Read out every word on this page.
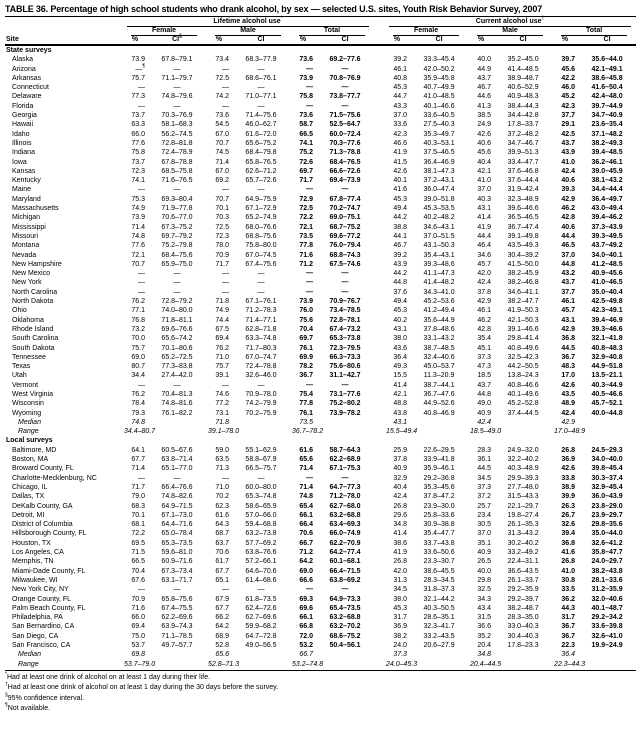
TABLE 36. Percentage of high school students who drank alcohol, by sex — selected U.S. sites, Youth Risk Behavior Survey, 2007

	Lifetime alcohol use*							Current alcohol use†

	Female		Male		Total			Female		Male		Total	

Site	%	CI§	%	CI	%	CI		%	CI	%	CI	%	CI
State surveys													
Alaska	73.9	67.8–79.1	73.4	68.3–77.9	73.6	69.2–77.6		39.2	33.3–45.4	40.0	35.2–45.0	39.7	35.6–44.0
Arizona	—¶	—	—	—	—	—		46.1	42.0–50.2	44.9	41.4–48.5	45.6	42.1–49.1
Arkansas	75.7	71.1–79.7	72.5	68.6–76.1	73.9	70.8–76.9		40.8	35.9–45.8	43.7	38.9–48.7	42.2	38.6–45.8
Connecticut	—	—	—	—	—	—		45.3	40.7–49.9	46.7	40.6–52.9	46.0	41.6–50.4
Delaware	77.3	74.8–79.6	74.2	71.0–77.1	75.8	73.8–77.7		44.7	41.0–48.5	44.6	40.9–48.3	45.2	42.4–48.0
Florida	—	—	—	—	—	—		43.3	40.1–46.6	41.3	38.4–44.3	42.3	39.7–44.9
Georgia	73.7	70.3–76.9	73.6	71.4–75.6	73.6	71.5–75.6		37.0	33.6–40.5	38.5	34.4–42.8	37.7	34.7–40.9
Hawaii	63.3	58.1–68.3	54.5	46.0–62.7	58.7	52.5–64.7		33.6	27.5–40.3	24.9	17.8–33.7	29.1	23.6–35.4
Idaho	66.0	56.2–74.5	67.0	61.6–72.0	66.5	60.0–72.4		42.3	35.3–49.7	42.6	37.2–48.2	42.5	37.1–48.2
Illinois	77.6	72.8–81.8	70.7	65.6–75.2	74.1	70.3–77.6		46.6	40.3–53.1	40.6	34.7–46.7	43.7	38.2–49.3
Indiana	75.8	72.4–78.9	74.5	68.4–79.8	75.2	71.3–78.8		41.9	37.5–46.5	45.6	39.9–51.3	43.9	39.4–48.5
Iowa	73.7	67.8–78.8	71.4	65.8–76.5	72.6	68.4–76.5		41.5	36.4–46.9	40.4	33.4–47.7	41.0	36.2–46.1
Kansas	72.3	68.5–75.8	67.0	62.6–71.2	69.7	66.6–72.6		42.6	38.1–47.3	42.1	37.6–46.8	42.4	39.0–45.9
Kentucky	74.1	71.6–76.5	69.2	65.7–72.6	71.7	69.4–73.9		40.1	37.2–43.1	41.0	37.6–44.4	40.6	38.1–43.2
Maine	—	—	—	—	—	—		41.6	36.0–47.4	37.0	31.9–42.4	39.3	34.4–44.4
Maryland	75.3	69.3–80.4	70.7	64.9–75.9	72.9	67.8–77.4		45.3	39.0–51.8	40.3	32.3–48.9	42.9	36.4–49.7
Massachusetts	74.9	71.9–77.8	70.1	67.1–72.9	72.5	70.2–74.7		49.4	45.3–53.5	43.1	39.6–46.6	46.2	43.0–49.4
Michigan	73.9	70.6–77.0	70.3	65.2–74.9	72.2	69.0–75.1		44.2	40.2–48.2	41.4	36.5–46.5	42.8	39.4–46.2
Mississippi	71.4	67.3–75.2	72.5	68.0–76.6	72.1	68.7–75.2		38.8	34.6–43.1	41.9	36.7–47.4	40.6	37.3–43.9
Missouri	74.8	69.7–79.2	72.3	68.8–75.6	73.5	69.6–77.2		44.1	37.0–51.5	44.4	39.1–49.8	44.4	39.3–49.5
Montana	77.6	75.2–79.8	78.0	75.8–80.0	77.8	76.0–79.4		46.7	43.1–50.3	46.4	43.5–49.3	46.5	43.7–49.2
Nevada	72.1	68.4–75.6	70.9	67.0–74.5	71.6	68.8–74.3		39.2	35.4–43.1	34.6	30.4–39.2	37.0	34.0–40.1
New Hampshire	70.7	65.9–75.0	71.7	67.4–75.6	71.2	67.5–74.6		43.9	39.3–48.6	45.7	41.5–50.0	44.8	41.2–48.5
New Mexico	—	—	—	—	—	—		44.2	41.1–47.3	42.0	38.2–45.9	43.2	40.9–45.6
New York	—	—	—	—	—	—		44.8	41.4–48.2	42.4	38.2–46.8	43.7	41.0–46.5
North Carolina	—	—	—	—	—	—		37.6	34.3–41.0	37.8	34.6–41.1	37.7	35.0–40.4
North Dakota	76.2	72.8–79.2	71.8	67.1–76.1	73.9	70.9–76.7		49.4	45.2–53.6	42.9	38.2–47.7	46.1	42.5–49.8
Ohio	77.1	74.0–80.0	74.9	71.2–78.3	76.0	73.4–78.5		45.3	41.2–49.4	46.1	41.9–50.3	45.7	42.3–49.1
Oklahoma	76.8	71.8–81.1	74.4	71.4–77.1	75.6	72.8–78.1		40.2	35.6–44.9	46.2	42.1–50.3	43.1	39.4–46.9
Rhode Island	73.2	69.6–76.6	67.5	62.8–71.8	70.4	67.4–73.2		43.1	37.8–48.6	42.8	39.1–46.6	42.9	39.3–46.6
South Carolina	70.0	65.6–74.2	69.4	63.3–74.8	69.7	65.3–73.8		38.0	33.1–43.2	35.4	29.8–41.4	36.8	32.1–41.8
South Dakota	75.7	70.1–80.6	76.2	71.7–80.3	76.1	72.3–79.5		43.6	38.7–48.5	45.1	40.8–49.6	44.5	40.8–48.3
Tennessee	69.0	65.2–72.5	71.0	67.0–74.7	69.9	66.3–73.3		36.4	32.4–40.6	37.3	32.5–42.3	36.7	32.9–40.8
Texas	80.7	77.3–83.8	75.7	72.4–78.8	78.2	75.6–80.6		49.3	45.0–53.7	47.3	44.2–50.5	48.3	44.9–51.8
Utah	34.4	27.4–42.0	39.1	32.6–46.0	36.7	31.1–42.7		15.5	11.3–20.9	18.5	13.8–24.3	17.0	13.5–21.1
Vermont	—	—	—	—	—	—		41.4	38.7–44.1	43.7	40.8–46.6	42.6	40.3–44.9
West Virginia	76.2	70.4–81.3	74.6	70.9–78.0	75.4	73.1–77.6		42.1	36.7–47.6	44.8	40.1–49.6	43.5	40.5–46.6
Wisconsin	78.4	74.8–81.6	77.2	74.2–79.9	77.8	75.2–80.2		48.8	44.9–52.6	49.0	45.2–52.8	48.9	45.7–52.1
Wyoming	79.3	76.1–82.2	73.1	70.2–75.9	76.1	73.9–78.2		43.8	40.8–46.9	40.9	37.4–44.5	42.4	40.0–44.8
Median	74.8		71.8		73.5			43.1		42.4		42.9	
Range	34.4–80.7		39.1–78.0		36.7–78.2			15.5–49.4		18.5–49.0		17.0–48.9	
Local surveys													
Baltimore, MD	64.1	60.5–67.6	59.0	55.1–62.9	61.6	58.7–64.3		25.9	22.6–29.5	28.3	24.9–32.0	26.8	24.5–29.3
Boston, MA	67.7	63.8–71.4	63.5	58.8–67.9	65.6	62.2–68.9		37.8	33.9–41.8	36.1	32.2–40.2	36.9	34.0–40.0
Broward County, FL	71.4	65.1–77.0	71.3	66.5–75.7	71.4	67.1–75.3		40.9	35.9–46.1	44.5	40.3–48.9	42.6	39.8–45.4
Charlotte-Mecklenburg, NC	—	—	—	—	—	—		32.9	29.2–36.8	34.5	29.9–39.3	33.8	30.3–37.4
Chicago, IL	71.7	66.4–76.6	71.0	60.0–80.0	71.4	64.7–77.3		40.4	35.3–45.6	37.3	27.7–48.0	38.9	32.9–45.4
Dallas, TX	79.0	74.8–82.6	70.2	65.3–74.8	74.8	71.2–78.0		42.4	37.8–47.2	37.2	31.5–43.3	39.9	36.0–43.9
DeKalb County, GA	68.3	64.9–71.5	62.3	58.6–65.9	65.4	62.7–68.0		26.8	23.9–30.0	25.7	22.1–29.7	26.3	23.8–29.0
Detroit, MI	70.1	67.1–73.0	61.6	57.0–66.0	66.1	63.2–68.8		29.6	25.8–33.6	23.4	19.8–27.4	26.7	23.9–29.7
District of Columbia	68.1	64.4–71.6	64.3	59.4–68.8	66.4	63.4–69.3		34.8	30.9–38.8	30.5	26.1–35.3	32.6	29.8–35.6
Hillsborough County, FL	72.2	65.0–78.4	68.7	63.2–73.8	70.6	66.0–74.9		41.4	35.4–47.7	37.0	31.3–43.2	39.4	35.0–44.0
Houston, TX	69.5	65.3–73.5	63.7	57.7–69.2	66.7	62.2–70.9		38.6	33.7–43.8	35.1	30.2–40.2	36.8	32.6–41.2
Los Angeles, CA	71.5	59.6–81.0	70.6	63.8–76.6	71.2	64.2–77.4		41.9	33.6–50.6	40.9	33.2–49.2	41.6	35.8–47.7
Memphis, TN	66.5	60.9–71.6	61.7	57.2–66.1	64.2	60.1–68.1		26.8	23.3–30.7	26.5	22.4–31.1	26.8	24.0–29.7
Miami-Dade County, FL	70.4	67.3–73.4	67.7	64.6–70.6	69.0	66.4–71.5		42.0	38.6–45.5	40.0	36.6–43.5	41.0	38.2–43.8
Milwaukee, WI	67.6	63.1–71.7	65.1	61.4–68.6	66.6	63.8–69.2		31.3	28.3–34.5	29.8	26.1–33.7	30.8	28.1–33.6
New York City, NY	—	—	—	—	—	—		34.5	31.8–37.3	32.5	29.2–35.9	33.5	31.2–35.9
Orange County, FL	70.9	65.8–75.6	67.9	61.8–73.5	69.3	64.9–73.3		38.0	32.1–44.2	34.3	29.2–39.7	36.2	32.0–40.6
Palm Beach County, FL	71.6	67.4–75.5	67.7	62.4–72.6	69.6	65.4–73.5		45.3	40.3–50.5	43.4	38.2–48.7	44.3	40.1–48.7
Philadelphia, PA	66.0	62.2–69.6	66.2	62.7–69.6	66.1	63.2–68.8		31.7	28.6–35.1	31.5	28.3–35.0	31.7	29.2–34.2
San Bernardino, CA	69.4	63.9–74.3	64.2	59.9–68.2	66.8	63.2–70.2		36.9	32.3–41.7	36.6	33.0–40.3	36.7	33.6–39.8
San Diego, CA	75.0	71.1–78.5	68.9	64.7–72.8	72.0	68.6–75.2		38.2	33.2–43.5	35.2	30.4–40.3	36.7	32.6–41.0
San Francisco, CA	53.7	49.7–57.7	52.8	49.0–56.5	53.2	50.4–56.1		24.0	20.6–27.9	20.4	17.8–23.3	22.3	19.9–24.9
Median	69.8		65.6		66.7			37.3		34.8		36.4	
Range	53.7–79.0		52.8–71.3		53.2–74.8			24.0–45.3		20.4–44.5		22.3–44.3	
*Had at least one drink of alcohol on at least 1 day during their life.
†Had at least one drink of alcohol on at least 1 day during the 30 days before the survey.
§95% confidence interval.
¶Not available.
